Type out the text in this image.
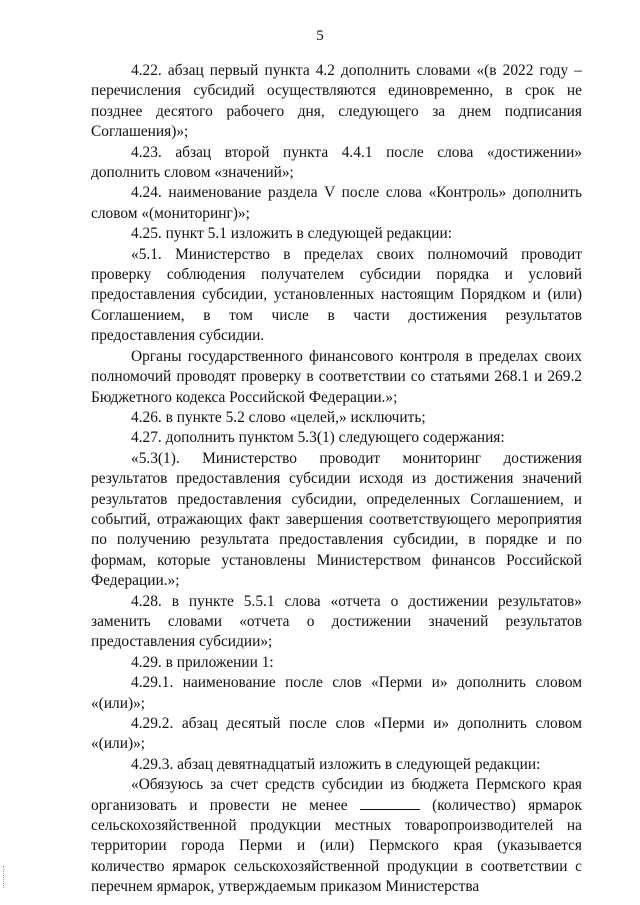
5

4.22. абзац первый пункта 4.2 дополнить словами «(в 2022 году – перечисления субсидий осуществляются единовременно, в срок не позднее десятого рабочего дня, следующего за днем подписания Соглашения)»;

4.23. абзац второй пункта 4.4.1 после слова «достижении» дополнить словом «значений»;

4.24. наименование раздела V после слова «Контроль» дополнить словом «(мониторинг)»;

4.25. пункт 5.1 изложить в следующей редакции:

«5.1. Министерство в пределах своих полномочий проводит проверку соблюдения получателем субсидии порядка и условий предоставления субсидии, установленных настоящим Порядком и (или) Соглашением, в том числе в части достижения результатов предоставления субсидии.

Органы государственного финансового контроля в пределах своих полномочий проводят проверку в соответствии со статьями 268.1 и 269.2 Бюджетного кодекса Российской Федерации.»;

4.26. в пункте 5.2 слово «целей,» исключить;

4.27. дополнить пунктом 5.3(1) следующего содержания:

«5.3(1). Министерство проводит мониторинг достижения результатов предоставления субсидии исходя из достижения значений результатов предоставления субсидии, определенных Соглашением, и событий, отражающих факт завершения соответствующего мероприятия по получению результата предоставления субсидии, в порядке и по формам, которые установлены Министерством финансов Российской Федерации.»;

4.28. в пункте 5.5.1 слова «отчета о достижении результатов» заменить словами «отчета о достижении значений результатов предоставления субсидии»;

4.29. в приложении 1:

4.29.1. наименование после слов «Перми и» дополнить словом «(или)»;

4.29.2. абзац десятый после слов «Перми и» дополнить словом «(или)»;

4.29.3. абзац девятнадцатый изложить в следующей редакции:

«Обязуюсь за счет средств субсидии из бюджета Пермского края организовать и провести не менее	(количество) ярмарок сельскохозяйственной продукции местных товаропроизводителей на территории города Перми и (или) Пермского края (указывается количество ярмарок сельскохозяйственной продукции в соответствии с перечнем ярмарок, утверждаемым приказом Министерства
